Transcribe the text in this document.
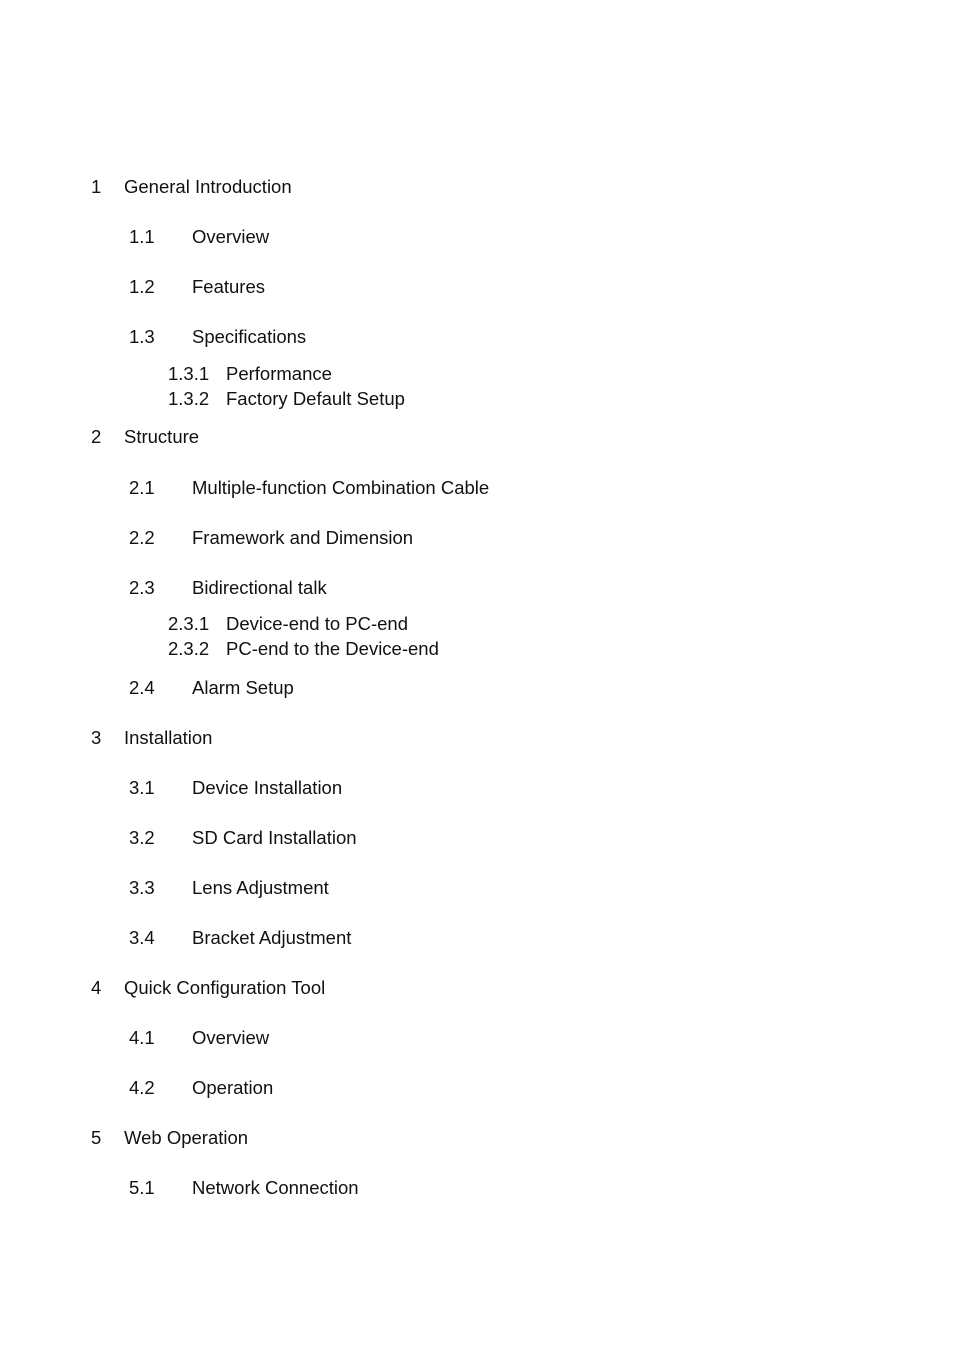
1 General Introduction
1.1 Overview
1.2 Features
1.3 Specifications
1.3.1 Performance
1.3.2 Factory Default Setup
2 Structure
2.1 Multiple-function Combination Cable
2.2 Framework and Dimension
2.3 Bidirectional talk
2.3.1 Device-end to PC-end
2.3.2 PC-end to the Device-end
2.4 Alarm Setup
3 Installation
3.1 Device Installation
3.2 SD Card Installation
3.3 Lens Adjustment
3.4 Bracket Adjustment
4 Quick Configuration Tool
4.1 Overview
4.2 Operation
5 Web Operation
5.1 Network Connection
